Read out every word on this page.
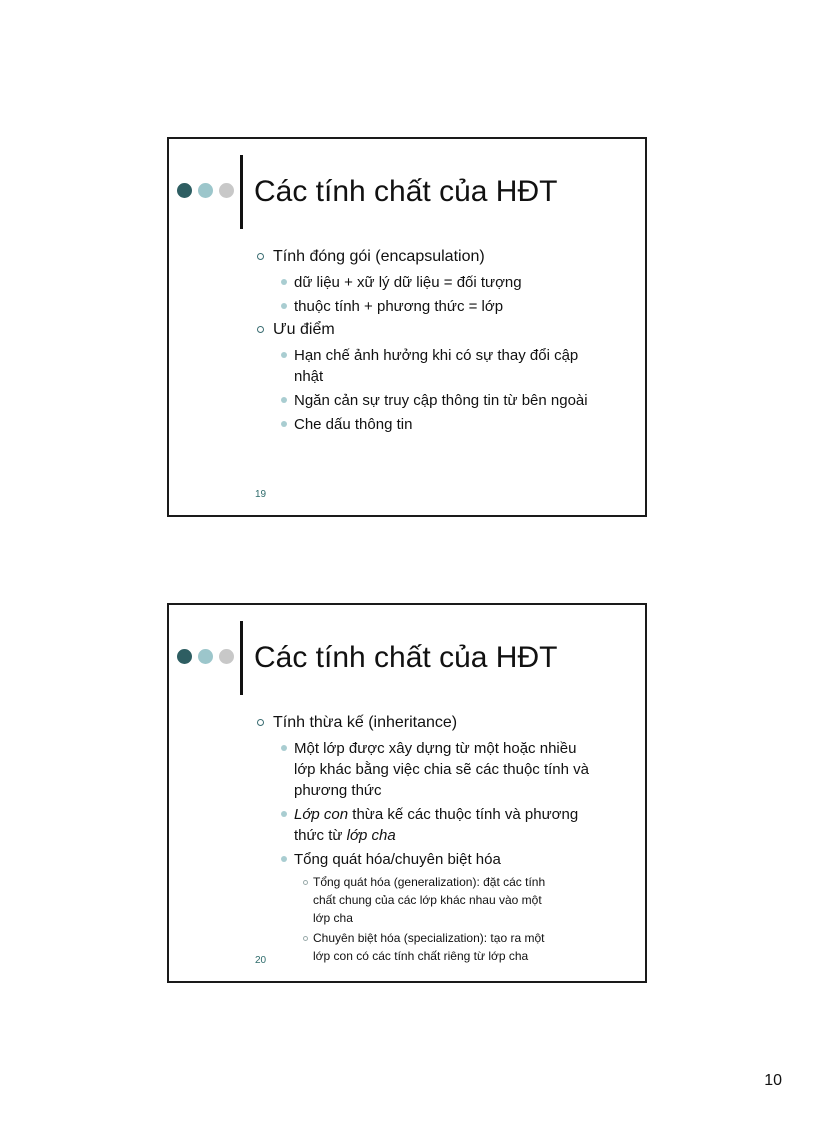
Các tính chất của HĐT
Tính đóng gói (encapsulation)
dữ liệu + xữ lý dữ liệu = đối tượng
thuộc tính + phương thức = lớp
Ưu điểm
Hạn chế ảnh hưởng khi có sự thay đổi cập nhật
Ngăn cản sự truy cập thông tin từ bên ngoài
Che dấu thông tin
19
Các tính chất của HĐT
Tính thừa kế (inheritance)
Một lớp được xây dựng từ một hoặc nhiều lớp khác bằng việc chia sẽ các thuộc tính và phương thức
Lớp con thừa kế các thuộc tính và phương thức từ lớp cha
Tổng quát hóa/chuyên biệt hóa
Tổng quát hóa (generalization): đặt các tính chất chung của các lớp khác nhau vào một lớp cha
Chuyên biệt hóa (specialization): tạo ra một lớp con có các tính chất riêng từ lớp cha
20
10
